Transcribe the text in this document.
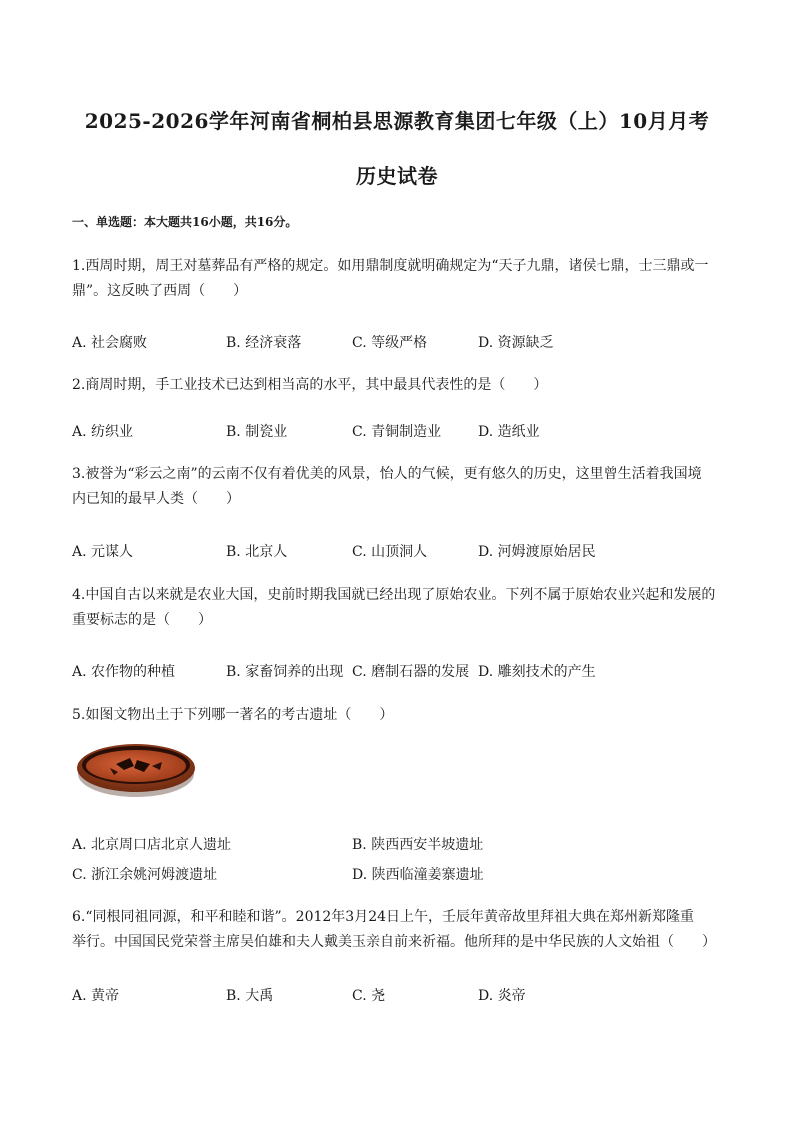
2025-2026学年河南省桐柏县思源教育集团七年级（上）10月月考
历史试卷
一、单选题：本大题共16小题，共16分。
1.西周时期，周王对墓葬品有严格的规定。如用鼎制度就明确规定为“天子九鼎，诸侯七鼎，士三鼎或一
鼎”。这反映了西周（　　）
A. 社会腐败	B. 经济衰落	C. 等级严格	D. 资源缺乏
2.商周时期，手工业技术已达到相当高的水平，其中最具代表性的是（　　）
A. 纺织业	B. 制瓷业	C. 青铜制造业	D. 造纸业
3.被誉为“彩云之南”的云南不仅有着优美的风景，怡人的气候，更有悠久的历史，这里曾生活着我国境
内已知的最早人类（　　）
A. 元谋人	B. 北京人	C. 山顶洞人	D. 河姆渡原始居民
4.中国自古以来就是农业大国，史前时期我国就已经出现了原始农业。下列不属于原始农业兴起和发展的
重要标志的是（　　）
A. 农作物的种植	B. 家畜饲养的出现 C. 磨制石器的发展 D. 雕刻技术的产生
5.如图文物出土于下列哪一著名的考古遗址（　　）
A. 北京周口店北京人遗址	B. 陕西西安半坡遗址
C. 浙江余姚河姆渡遗址	D. 陕西临潼姜寨遗址
6.“同根同祖同源，和平和睦和谐”。2012年3月24日上午，壬辰年黄帝故里拜祖大典在郑州新郑隆重
举行。中国国民党荣誉主席吴伯雄和夫人戴美玉亲自前来祈福。他所拜的是中华民族的人文始祖（　　）
A. 黄帝	B. 大禹	C. 尧	D. 炎帝
